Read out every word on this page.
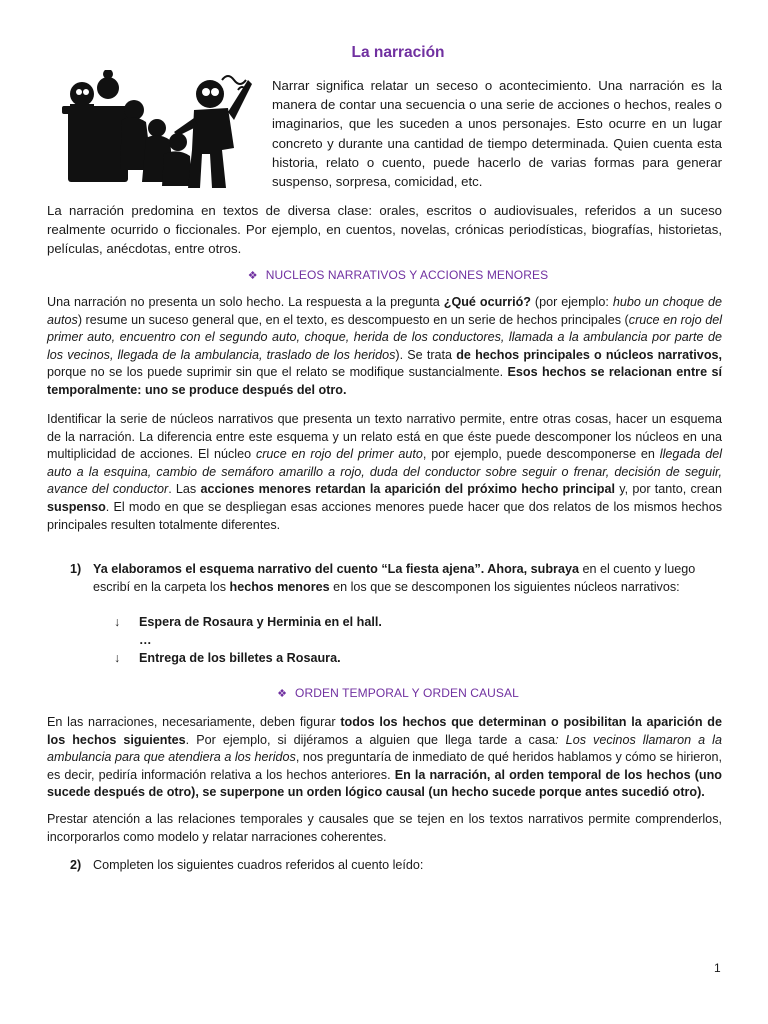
La narración
Narrar significa relatar un seceso o acontecimiento. Una narración es la manera de contar una secuencia o una serie de acciones o hechos, reales o imaginarios, que les suceden a unos personajes. Esto ocurre en un lugar concreto y durante una cantidad de tiempo determinada. Quien cuenta esta historia, relato o cuento, puede hacerlo de varias formas para generar suspenso, sorpresa, comicidad, etc.
La narración predomina en textos de diversa clase: orales, escritos o audiovisuales, referidos a un suceso realmente ocurrido o ficcionales. Por ejemplo, en cuentos, novelas, crónicas periodísticas, biografías, historietas, películas, anécdotas, entre otros.
❖ NUCLEOS NARRATIVOS Y ACCIONES MENORES
Una narración no presenta un solo hecho. La respuesta a la pregunta ¿Qué ocurrió? (por ejemplo: hubo un choque de autos) resume un suceso general que, en el texto, es descompuesto en un serie de hechos principales (cruce en rojo del primer auto, encuentro con el segundo auto, choque, herida de los conductores, llamada a la ambulancia por parte de los vecinos, llegada de la ambulancia, traslado de los heridos). Se trata de hechos principales o núcleos narrativos, porque no se los puede suprimir sin que el relato se modifique sustancialmente. Esos hechos se relacionan entre sí temporalmente: uno se produce después del otro.
Identificar la serie de núcleos narrativos que presenta un texto narrativo permite, entre otras cosas, hacer un esquema de la narración. La diferencia entre este esquema y un relato está en que éste puede descomponer los núcleos en una multiplicidad de acciones. El núcleo cruce en rojo del primer auto, por ejemplo, puede descomponerse en llegada del auto a la esquina, cambio de semáforo amarillo a rojo, duda del conductor sobre seguir o frenar, decisión de seguir, avance del conductor. Las acciones menores retardan la aparición del próximo hecho principal y, por tanto, crean suspenso. El modo en que se despliegan esas acciones menores puede hacer que dos relatos de los mismos hechos principales resulten totalmente diferentes.
1) Ya elaboramos el esquema narrativo del cuento “La fiesta ajena”. Ahora, subraya en el cuento y luego escribí en la carpeta los hechos menores en los que se descomponen los siguientes núcleos narrativos:
↓ Espera de Rosaura y Herminia en el hall.
…
↓ Entrega de los billetes a Rosaura.
❖ ORDEN TEMPORAL Y ORDEN CAUSAL
En las narraciones, necesariamente, deben figurar todos los hechos que determinan o posibilitan la aparición de los hechos siguientes. Por ejemplo, si dijéramos a alguien que llega tarde a casa: Los vecinos llamaron a la ambulancia para que atendiera a los heridos, nos preguntaría de inmediato de qué heridos hablamos y cómo se hirieron, es decir, pediría información relativa a los hechos anteriores. En la narración, al orden temporal de los hechos (uno sucede después de otro), se superpone un orden lógico causal (un hecho sucede porque antes sucedió otro).
Prestar atención a las relaciones temporales y causales que se tejen en los textos narrativos permite comprenderlos, incorporarlos como modelo y relatar narraciones coherentes.
2) Completen los siguientes cuadros referidos al cuento leído:
1
